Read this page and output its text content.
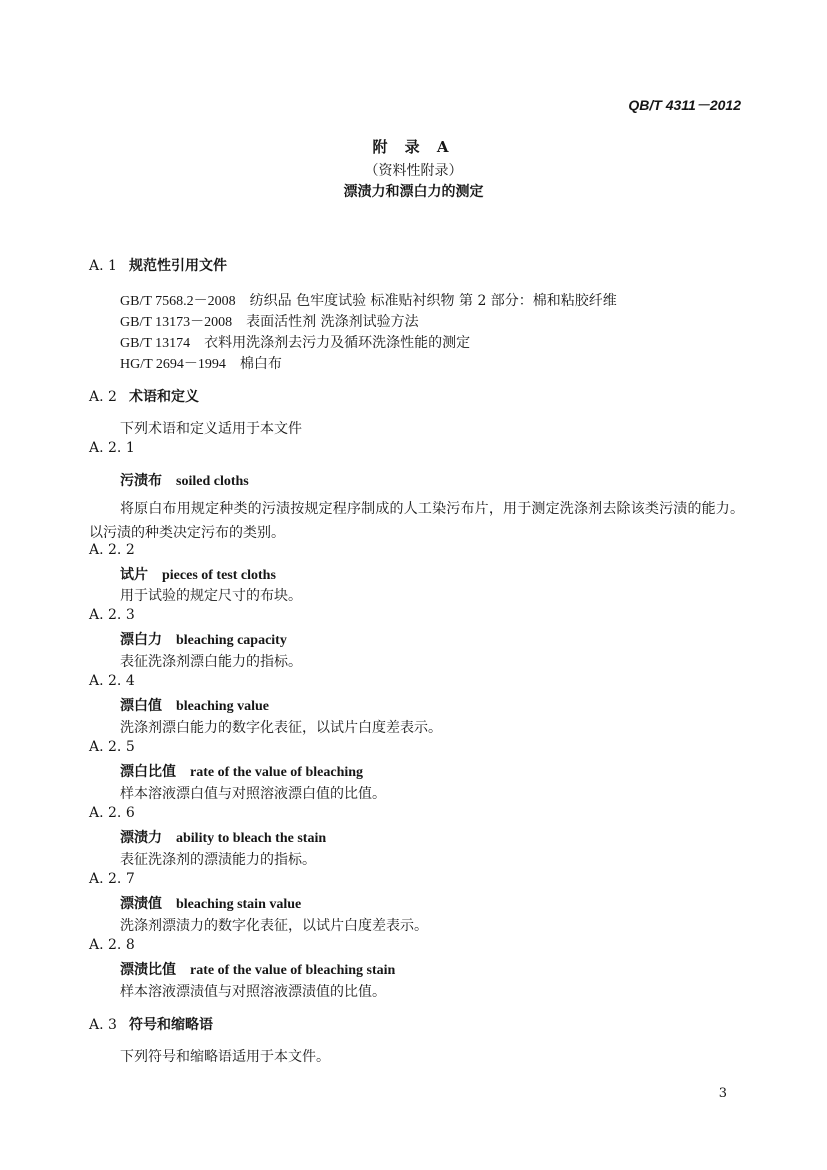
QB/T 4311－2012
附 录 A
（资料性附录）
漂渍力和漂白力的测定
A. 1 规范性引用文件
GB/T 7568.2－2008 纺织品 色牢度试验 标准贴衬织物 第 2 部分：棉和粘胶纤维
GB/T 13173－2008 表面活性剂 洗涤剂试验方法
GB/T 13174 衣料用洗涤剂去污力及循环洗涤性能的测定
HG/T 2694－1994 棉白布
A. 2 术语和定义
下列术语和定义适用于本文件
A. 2. 1
污渍布 soiled cloths
将原白布用规定种类的污渍按规定程序制成的人工染污布片，用于测定洗涤剂去除该类污渍的能力。以污渍的种类决定污布的类别。
A. 2. 2
试片 pieces of test cloths
用于试验的规定尺寸的布块。
A. 2. 3
漂白力 bleaching capacity
表征洗涤剂漂白能力的指标。
A. 2. 4
漂白值 bleaching value
洗涤剂漂白能力的数字化表征，以试片白度差表示。
A. 2. 5
漂白比值 rate of the value of bleaching
样本溶液漂白值与对照溶液漂白值的比值。
A. 2. 6
漂渍力 ability to bleach the stain
表征洗涤剂的漂渍能力的指标。
A. 2. 7
漂渍值 bleaching stain value
洗涤剂漂渍力的数字化表征，以试片白度差表示。
A. 2. 8
漂渍比值 rate of the value of bleaching stain
样本溶液漂渍值与对照溶液漂渍值的比值。
A. 3 符号和缩略语
下列符号和缩略语适用于本文件。
3
